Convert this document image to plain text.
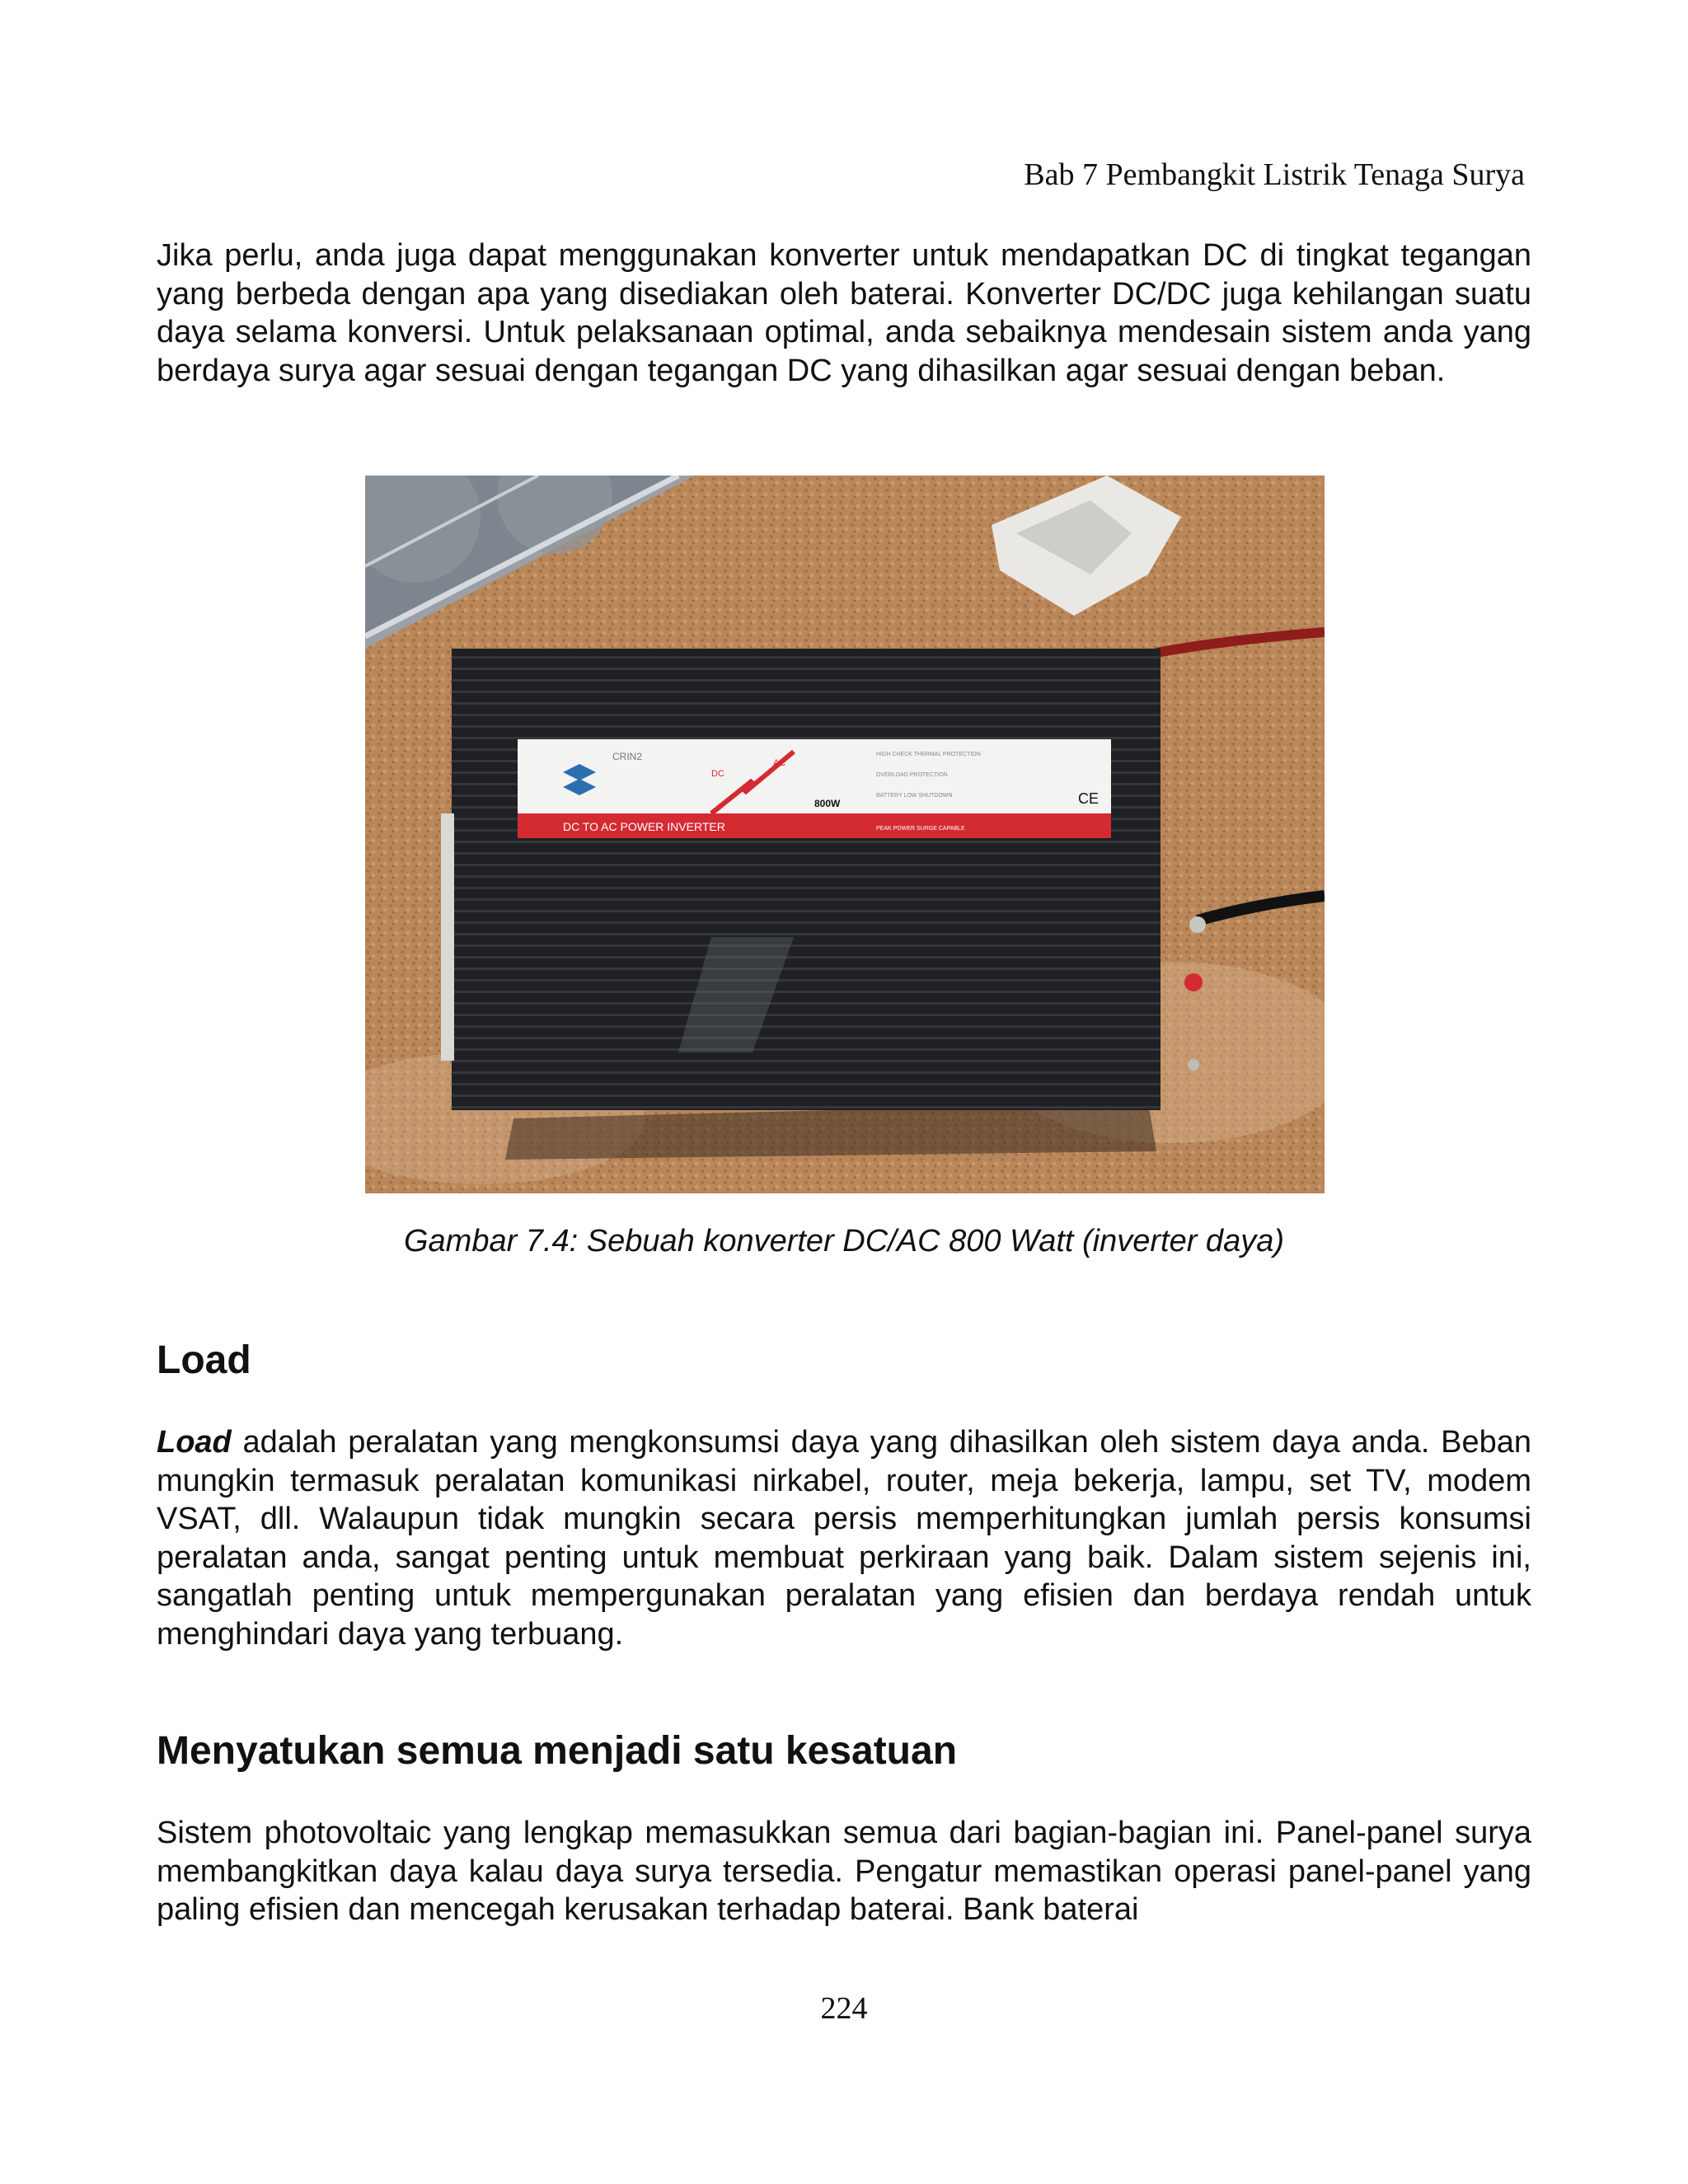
Bab 7 Pembangkit Listrik Tenaga Surya

Jika perlu, anda juga dapat menggunakan konverter untuk mendapatkan DC di tingkat tegangan yang berbeda dengan apa yang disediakan oleh baterai. Konverter DC/DC juga kehilangan suatu daya selama konversi. Untuk pelaksanaan optimal, anda sebaiknya mendesain sistem anda yang berdaya surya agar sesuai dengan tegangan DC yang dihasilkan agar sesuai dengan beban.

CRIN2
DC
AC
800W	CE
DC TO AC POWER INVERTER
HIGH CHECK THERMAL PROTECTION
OVERLOAD PROTECTION
BATTERY LOW SHUTDOWN
PEAK POWER SURGE CAPABLE

Gambar 7.4: Sebuah konverter DC/AC 800 Watt (inverter daya)

Load

Load adalah peralatan yang mengkonsumsi daya yang dihasilkan oleh sistem daya anda. Beban mungkin termasuk peralatan komunikasi nirkabel, router, meja bekerja, lampu, set TV, modem VSAT, dll. Walaupun tidak mungkin secara persis memperhitungkan jumlah persis konsumsi peralatan anda, sangat penting untuk membuat perkiraan yang baik. Dalam sistem sejenis ini, sangatlah penting untuk mempergunakan peralatan yang efisien dan berdaya rendah untuk menghindari daya yang terbuang.

Menyatukan semua menjadi satu kesatuan

Sistem photovoltaic yang lengkap memasukkan semua dari bagian-bagian ini. Panel-panel surya membangkitkan daya kalau daya surya tersedia. Pengatur memastikan operasi panel-panel yang paling efisien dan mencegah kerusakan terhadap baterai. Bank baterai

224
